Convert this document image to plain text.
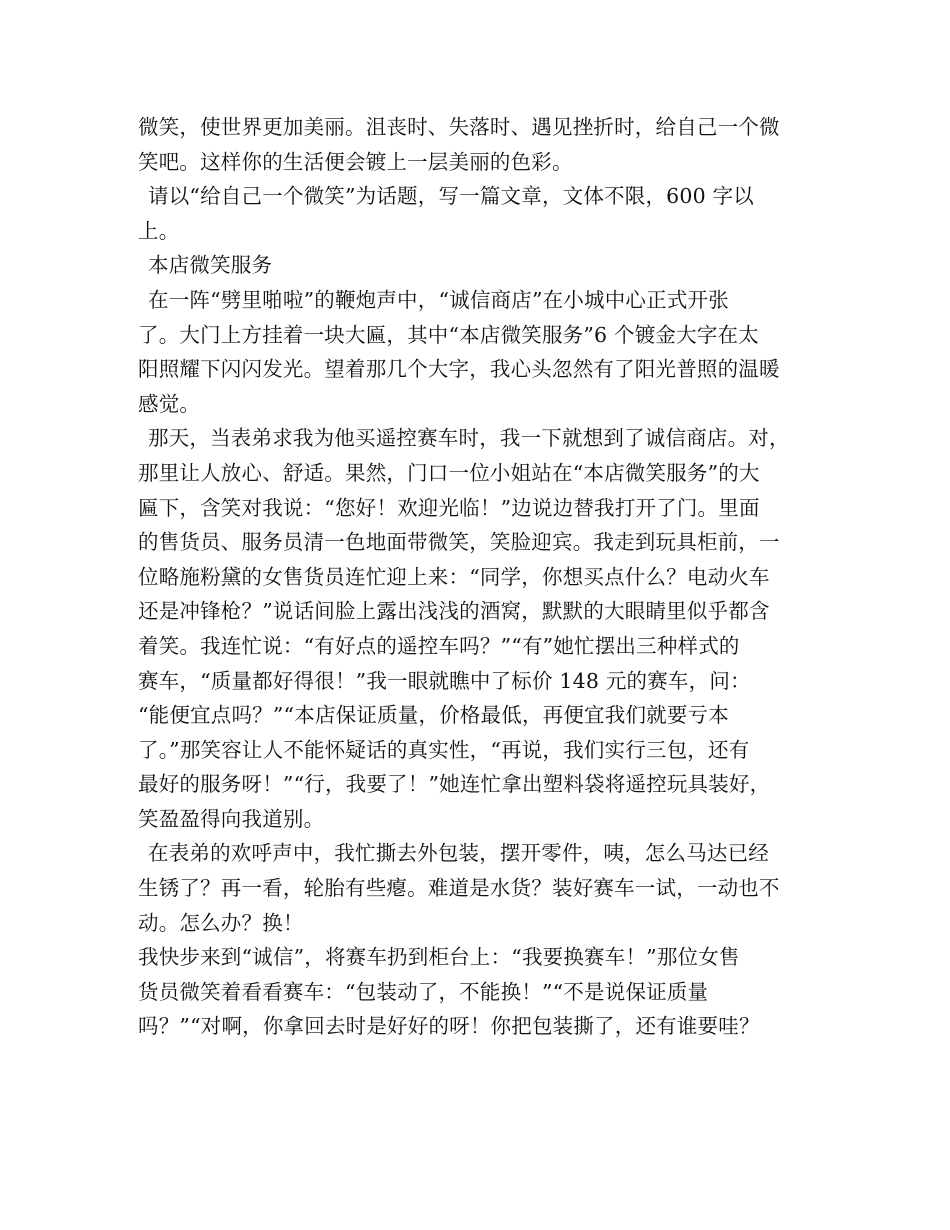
微笑，使世界更加美丽。沮丧时、失落时、遇见挫折时，给自己一个微
笑吧。这样你的生活便会镀上一层美丽的色彩。
请以“给自己一个微笑”为话题，写一篇文章，文体不限，600 字以
上。
本店微笑服务
在一阵“劈里啪啦”的鞭炮声中，“诚信商店”在小城中心正式开张
了。大门上方挂着一块大匾，其中“本店微笑服务”6 个镀金大字在太
阳照耀下闪闪发光。望着那几个大字，我心头忽然有了阳光普照的温暖
感觉。
那天，当表弟求我为他买遥控赛车时，我一下就想到了诚信商店。对，
那里让人放心、舒适。果然，门口一位小姐站在“本店微笑服务”的大
匾下，含笑对我说：“您好！欢迎光临！”边说边替我打开了门。里面
的售货员、服务员清一色地面带微笑，笑脸迎宾。我走到玩具柜前，一
位略施粉黛的女售货员连忙迎上来：“同学，你想买点什么？电动火车
还是冲锋枪？”说话间脸上露出浅浅的酒窝，默默的大眼睛里似乎都含
着笑。我连忙说：“有好点的遥控车吗？”“有”她忙摆出三种样式的
赛车，“质量都好得很！”我一眼就瞧中了标价 148 元的赛车，问：
“能便宜点吗？”“本店保证质量，价格最低，再便宜我们就要亏本
了。”那笑容让人不能怀疑话的真实性，“再说，我们实行三包，还有
最好的服务呀！”“行，我要了！”她连忙拿出塑料袋将遥控玩具装好，
笑盈盈得向我道别。
在表弟的欢呼声中，我忙撕去外包装，摆开零件，咦，怎么马达已经
生锈了？再一看，轮胎有些瘪。难道是水货？装好赛车一试，一动也不
动。怎么办？换！
我快步来到“诚信”，将赛车扔到柜台上：“我要换赛车！”那位女售
货员微笑着看看赛车：“包装动了，不能换！”“不是说保证质量
吗？”“对啊，你拿回去时是好好的呀！你把包装撕了，还有谁要哇？
